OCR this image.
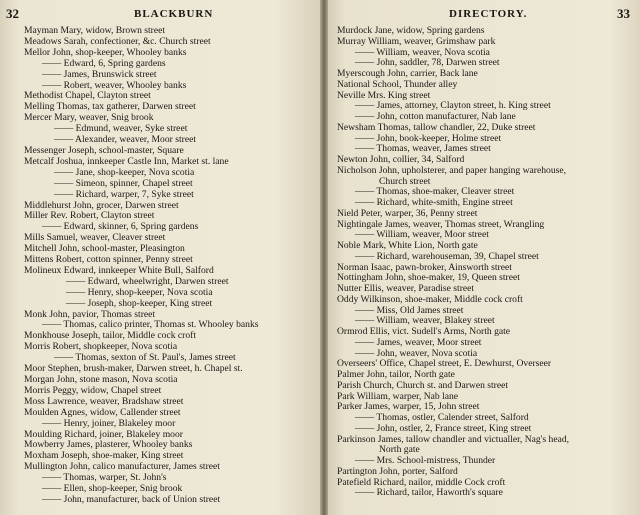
32	BLACKBURN
Mayman Mary, widow, Brown street
Meadows Sarah, confectioner, &c. Church street
Mellor John, shop-keeper, Whooley banks
—— Edward, 6, Spring gardens
—— James, Brunswick street
—— Robert, weaver, Whooley banks
Methodist Chapel, Clayton street
Melling Thomas, tax gatherer, Darwen street
Mercer Mary, weaver, Snig brook
—— Edmund, weaver, Syke street
—— Alexander, weaver, Moor street
Messenger Joseph, school-master, Square
Metcalf Joshua, innkeeper Castle Inn, Market st. lane
—— Jane, shop-keeper, Nova scotia
—— Simeon, spinner, Chapel street
—— Richard, warper, 7, Syke street
Middlehurst John, grocer, Darwen street
Miller Rev. Robert, Clayton street
—— Edward, skinner, 6, Spring gardens
Mills Samuel, weaver, Cleaver street
Mitchell John, school-master, Pleasington
Mittens Robert, cotton spinner, Penny street
Molineux Edward, innkeeper White Bull, Salford
—— Edward, wheelwright, Darwen street
—— Henry, shop-keeper, Nova scotia
—— Joseph, shop-keeper, King street
Monk John, pavior, Thomas street
—— Thomas, calico printer, Thomas st. Whooley banks
Monkhouse Joseph, tailor, Middle cock croft
Morris Robert, shopkeeper, Nova scotia
—— Thomas, sexton of St. Paul's, James street
Moor Stephen, brush-maker, Darwen street, h. Chapel st.
Morgan John, stone mason, Nova scotia
Morris Peggy, widow, Chapel street
Moss Lawrence, weaver, Bradshaw street
Moulden Agnes, widow, Callender street
—— Henry, joiner, Blakeley moor
Moulding Richard, joiner, Blakeley moor
Mowberry James, plasterer, Whooley banks
Moxham Joseph, shoe-maker, King street
Mullington John, calico manufacturer, James street
—— Thomas, warper, St. John's
—— Ellen, shop-keeper, Snig brook
—— John, manufacturer, back of Union street
DIRECTORY.	33
Murdock Jane, widow, Spring gardens
Murray William, weaver, Grimshaw park
—— William, weaver, Nova scotia
—— John, saddler, 78, Darwen street
Myerscough John, carrier, Back lane
National School, Thunder alley
Neville Mrs. King street
—— James, attorney, Clayton street, h. King street
—— John, cotton manufacturer, Nab lane
Newsham Thomas, tallow chandler, 22, Duke street
—— John, book-keeper, Holme street
—— Thomas, weaver, James street
Newton John, collier, 34, Salford
Nicholson John, upholsterer, and paper hanging warehouse,
Church street
—— Thomas, shoe-maker, Cleaver street
—— Richard, white-smith, Engine street
Nield Peter, warper, 36, Penny street
Nightingale James, weaver, Thomas street, Wrangling
—— William, weaver, Moor street
Noble Mark, White Lion, North gate
—— Richard, warehouseman, 39, Chapel street
Norman Isaac, pawn-broker, Ainsworth street
Nottingham John, shoe-maker, 19, Queen street
Nutter Ellis, weaver, Paradise street
Oddy Wilkinson, shoe-maker, Middle cock croft
—— Miss, Old James street
—— William, weaver, Blakey street
Ormrod Ellis, vict. Sudell's Arms, North gate
—— James, weaver, Moor street
—— John, weaver, Nova scotia
Overseers' Office, Chapel street, E. Dewhurst, Overseer
Palmer John, tailor, North gate
Parish Church, Church st. and Darwen street
Park William, warper, Nab lane
Parker James, warper, 15, John street
—— Thomas, ostler, Calender street, Salford
—— John, ostler, 2, France street, King street
Parkinson James, tallow chandler and victualler, Nag's head,
North gate
—— Mrs. School-mistress, Thunder
Partington John, porter, Salford
Patefield Richard, nailor, middle Cock croft
—— Richard, tailor, Haworth's square
